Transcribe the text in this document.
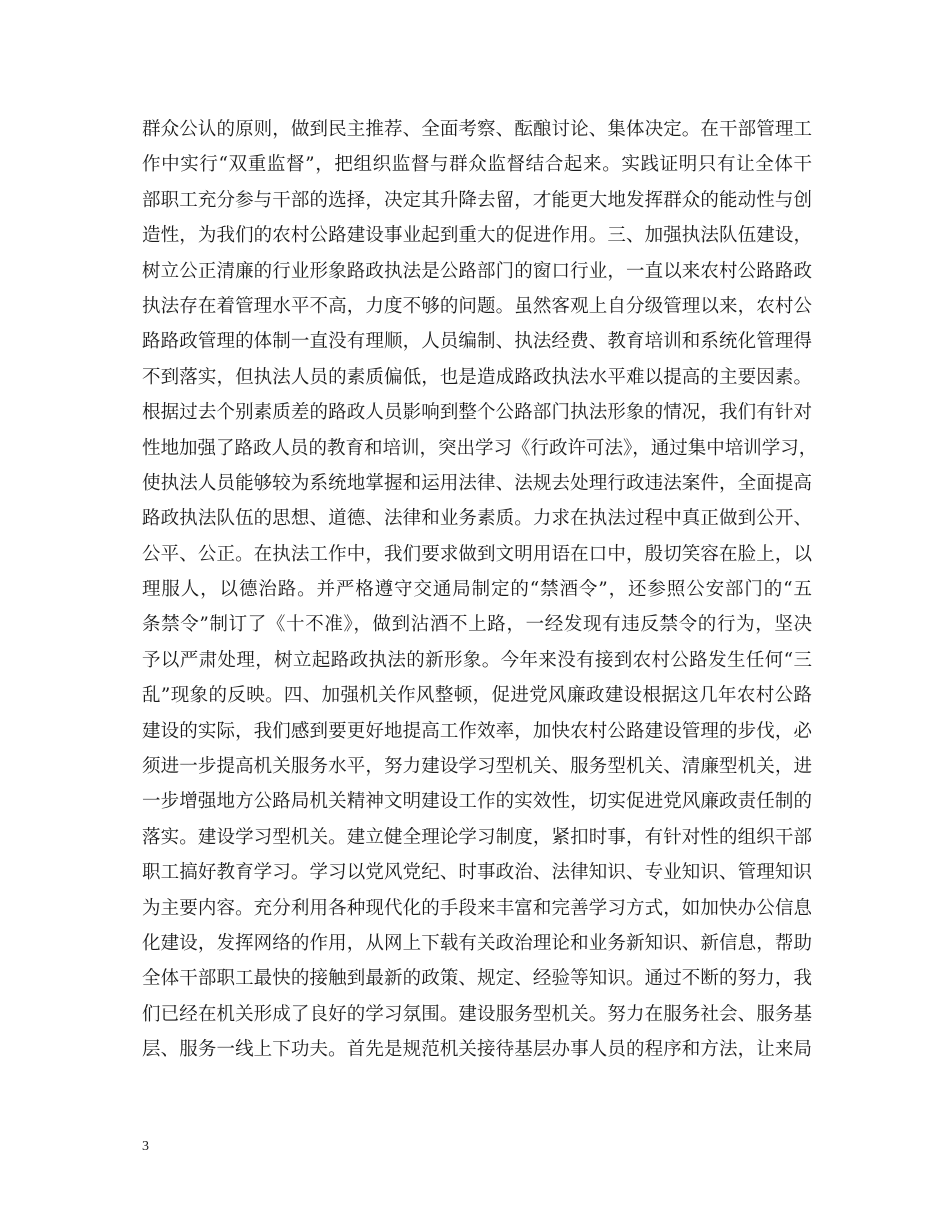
群众公认的原则，做到民主推荐、全面考察、酝酿讨论、集体决定。在干部管理工
作中实行“双重监督”，把组织监督与群众监督结合起来。实践证明只有让全体干
部职工充分参与干部的选择，决定其升降去留，才能更大地发挥群众的能动性与创
造性，为我们的农村公路建设事业起到重大的促进作用。三、加强执法队伍建设，
树立公正清廉的行业形象路政执法是公路部门的窗口行业，一直以来农村公路路政
执法存在着管理水平不高，力度不够的问题。虽然客观上自分级管理以来，农村公
路路政管理的体制一直没有理顺，人员编制、执法经费、教育培训和系统化管理得
不到落实，但执法人员的素质偏低，也是造成路政执法水平难以提高的主要因素。
根据过去个别素质差的路政人员影响到整个公路部门执法形象的情况，我们有针对
性地加强了路政人员的教育和培训，突出学习《行政许可法》，通过集中培训学习，
使执法人员能够较为系统地掌握和运用法律、法规去处理行政违法案件，全面提高
路政执法队伍的思想、道德、法律和业务素质。力求在执法过程中真正做到公开、
公平、公正。在执法工作中，我们要求做到文明用语在口中，殷切笑容在脸上，以
理服人，以德治路。并严格遵守交通局制定的“禁酒令”，还参照公安部门的“五
条禁令”制订了《十不准》，做到沾酒不上路，一经发现有违反禁令的行为，坚决
予以严肃处理，树立起路政执法的新形象。今年来没有接到农村公路发生任何“三
乱”现象的反映。四、加强机关作风整顿，促进党风廉政建设根据这几年农村公路
建设的实际，我们感到要更好地提高工作效率，加快农村公路建设管理的步伐，必
须进一步提高机关服务水平，努力建设学习型机关、服务型机关、清廉型机关，进
一步增强地方公路局机关精神文明建设工作的实效性，切实促进党风廉政责任制的
落实。建设学习型机关。建立健全理论学习制度，紧扣时事，有针对性的组织干部
职工搞好教育学习。学习以党风党纪、时事政治、法律知识、专业知识、管理知识
为主要内容。充分利用各种现代化的手段来丰富和完善学习方式，如加快办公信息
化建设，发挥网络的作用，从网上下载有关政治理论和业务新知识、新信息，帮助
全体干部职工最快的接触到最新的政策、规定、经验等知识。通过不断的努力，我
们已经在机关形成了良好的学习氛围。建设服务型机关。努力在服务社会、服务基
层、服务一线上下功夫。首先是规范机关接待基层办事人员的程序和方法，让来局
3
